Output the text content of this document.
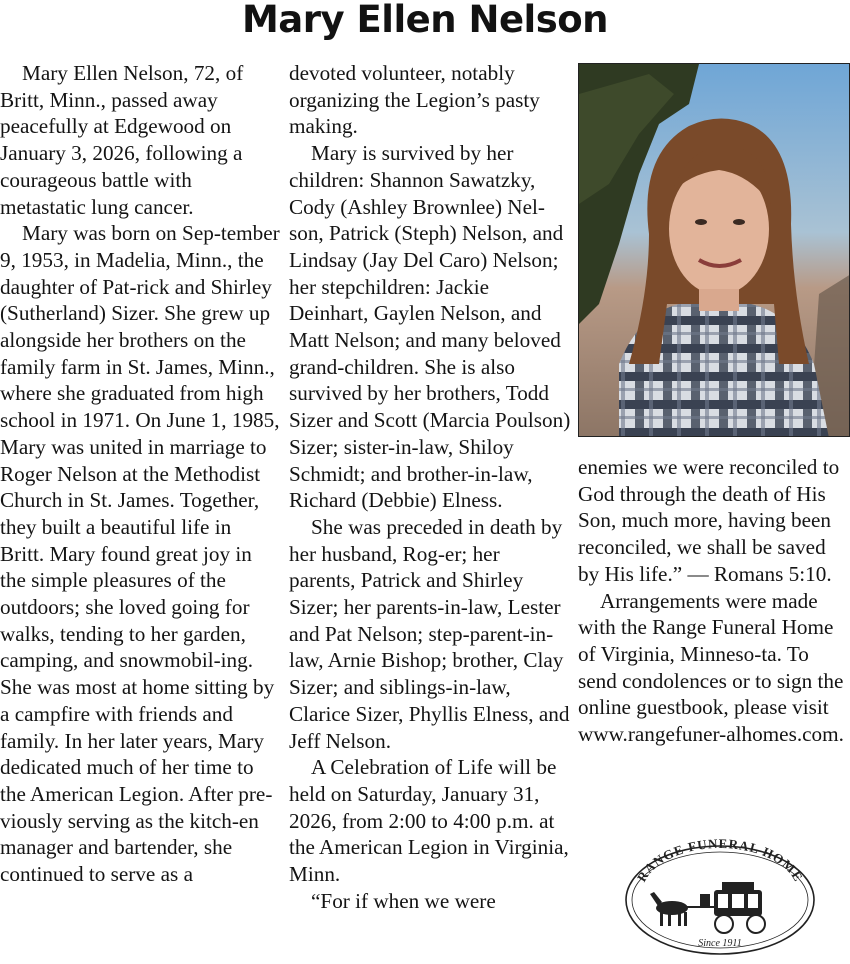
Mary Ellen Nelson

Mary Ellen Nelson, 72, of Britt, Minn., passed away peacefully at Edgewood on January 3, 2026, following a courageous battle with metastatic lung cancer.

Mary was born on Sep-tember 9, 1953, in Madelia, Minn., the daughter of Pat-rick and Shirley (Sutherland) Sizer. She grew up alongside her brothers on the family farm in St. James, Minn., where she graduated from high school in 1971. On June 1, 1985, Mary was united in marriage to Roger Nelson at the Methodist Church in St. James. Together, they built a beautiful life in Britt. Mary found great joy in the simple pleasures of the outdoors; she loved going for walks, tending to her garden, camping, and snowmobil-ing. She was most at home sitting by a campfire with friends and family. In her later years, Mary dedicated much of her time to the American Legion. After pre-viously serving as the kitch-en manager and bartender, she continued to serve as a

devoted volunteer, notably organizing the Legion’s pasty making.

Mary is survived by her children: Shannon Sawatzky, Cody (Ashley Brownlee) Nel-son, Patrick (Steph) Nelson, and Lindsay (Jay Del Caro) Nelson; her stepchildren: Jackie Deinhart, Gaylen Nelson, and Matt Nelson; and many beloved grand-children. She is also survived by her brothers, Todd Sizer and Scott (Marcia Poulson) Sizer; sister-in-law, Shiloy Schmidt; and brother-in-law, Richard (Debbie) Elness.

She was preceded in death by her husband, Rog-er; her parents, Patrick and Shirley Sizer; her parents-in-law, Lester and Pat Nelson; step-parent-in-law, Arnie Bishop; brother, Clay Sizer; and siblings-in-law, Clarice Sizer, Phyllis Elness, and Jeff Nelson.

A Celebration of Life will be held on Saturday, January 31, 2026, from 2:00 to 4:00 p.m. at the American Legion in Virginia, Minn.

“For if when we were

enemies we were reconciled to God through the death of His Son, much more, having been reconciled, we shall be saved by His life.” — Romans 5:10.

Arrangements were made with the Range Funeral Home of Virginia, Minneso-ta. To send condolences or to sign the online guestbook, please visit www.rangefuner-alhomes.com.

RANGE FUNERAL HOME
Since 1911
